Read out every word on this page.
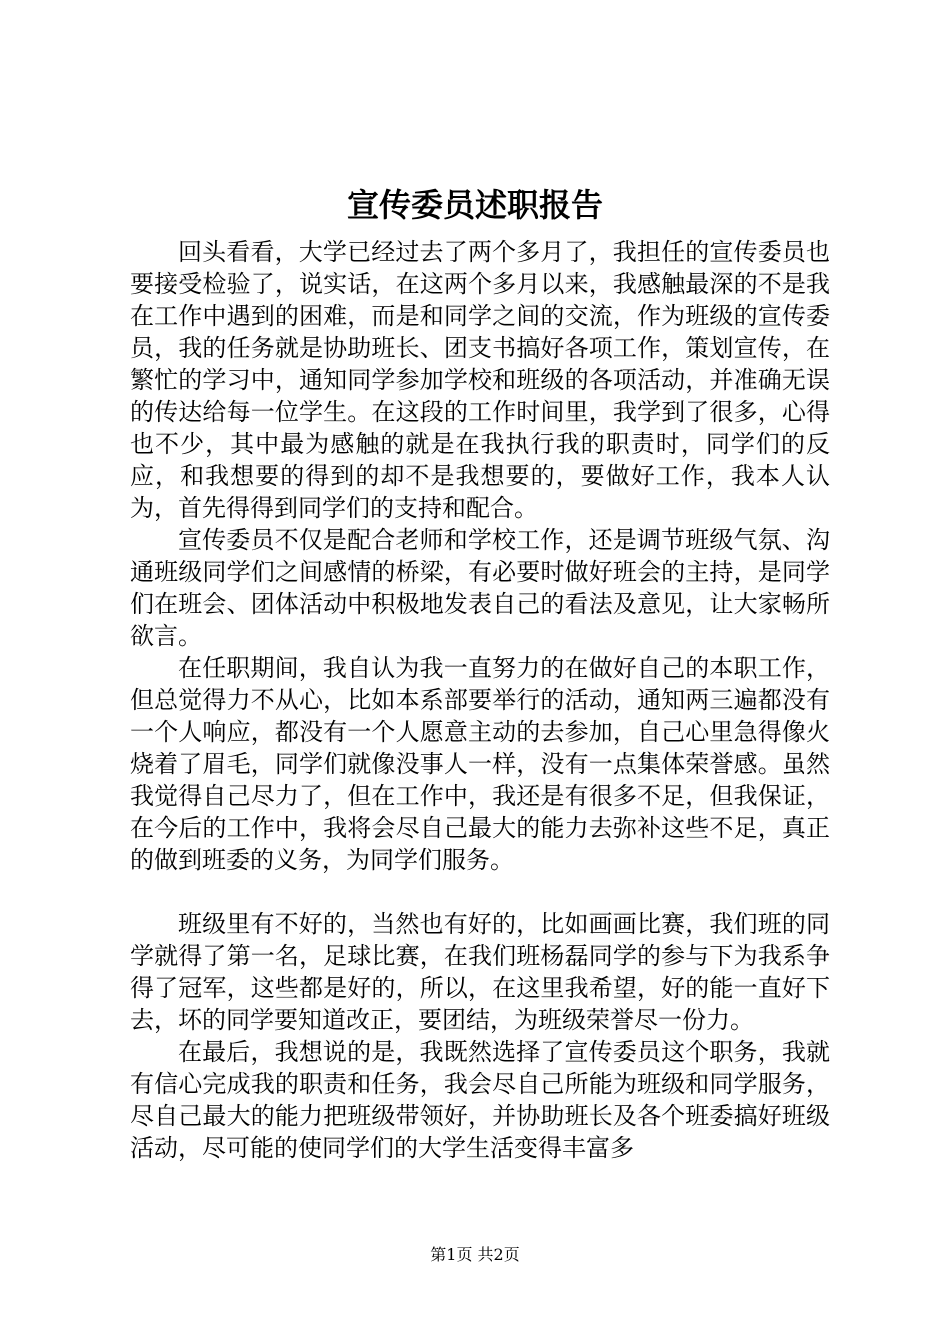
宣传委员述职报告

回头看看，大学已经过去了两个多月了，我担任的宣传委员也要接受检验了，说实话，在这两个多月以来，我感触最深的不是我在工作中遇到的困难，而是和同学之间的交流，作为班级的宣传委员，我的任务就是协助班长、团支书搞好各项工作，策划宣传，在繁忙的学习中，通知同学参加学校和班级的各项活动，并准确无误的传达给每一位学生。在这段的工作时间里，我学到了很多，心得也不少，其中最为感触的就是在我执行我的职责时，同学们的反应，和我想要的得到的却不是我想要的，要做好工作，我本人认为，首先得得到同学们的支持和配合。

宣传委员不仅是配合老师和学校工作，还是调节班级气氛、沟通班级同学们之间感情的桥梁，有必要时做好班会的主持，是同学们在班会、团体活动中积极地发表自己的看法及意见，让大家畅所欲言。

在任职期间，我自认为我一直努力的在做好自己的本职工作，但总觉得力不从心，比如本系部要举行的活动，通知两三遍都没有一个人响应，都没有一个人愿意主动的去参加，自己心里急得像火烧着了眉毛，同学们就像没事人一样，没有一点集体荣誉感。虽然我觉得自己尽力了，但在工作中，我还是有很多不足，但我保证，在今后的工作中，我将会尽自己最大的能力去弥补这些不足，真正的做到班委的义务，为同学们服务。

班级里有不好的，当然也有好的，比如画画比赛，我们班的同学就得了第一名，足球比赛，在我们班杨磊同学的参与下为我系争得了冠军，这些都是好的，所以，在这里我希望，好的能一直好下去，坏的同学要知道改正，要团结，为班级荣誉尽一份力。

在最后，我想说的是，我既然选择了宣传委员这个职务，我就有信心完成我的职责和任务，我会尽自己所能为班级和同学服务，尽自己最大的能力把班级带领好，并协助班长及各个班委搞好班级活动，尽可能的使同学们的大学生活变得丰富多

第1页 共2页
